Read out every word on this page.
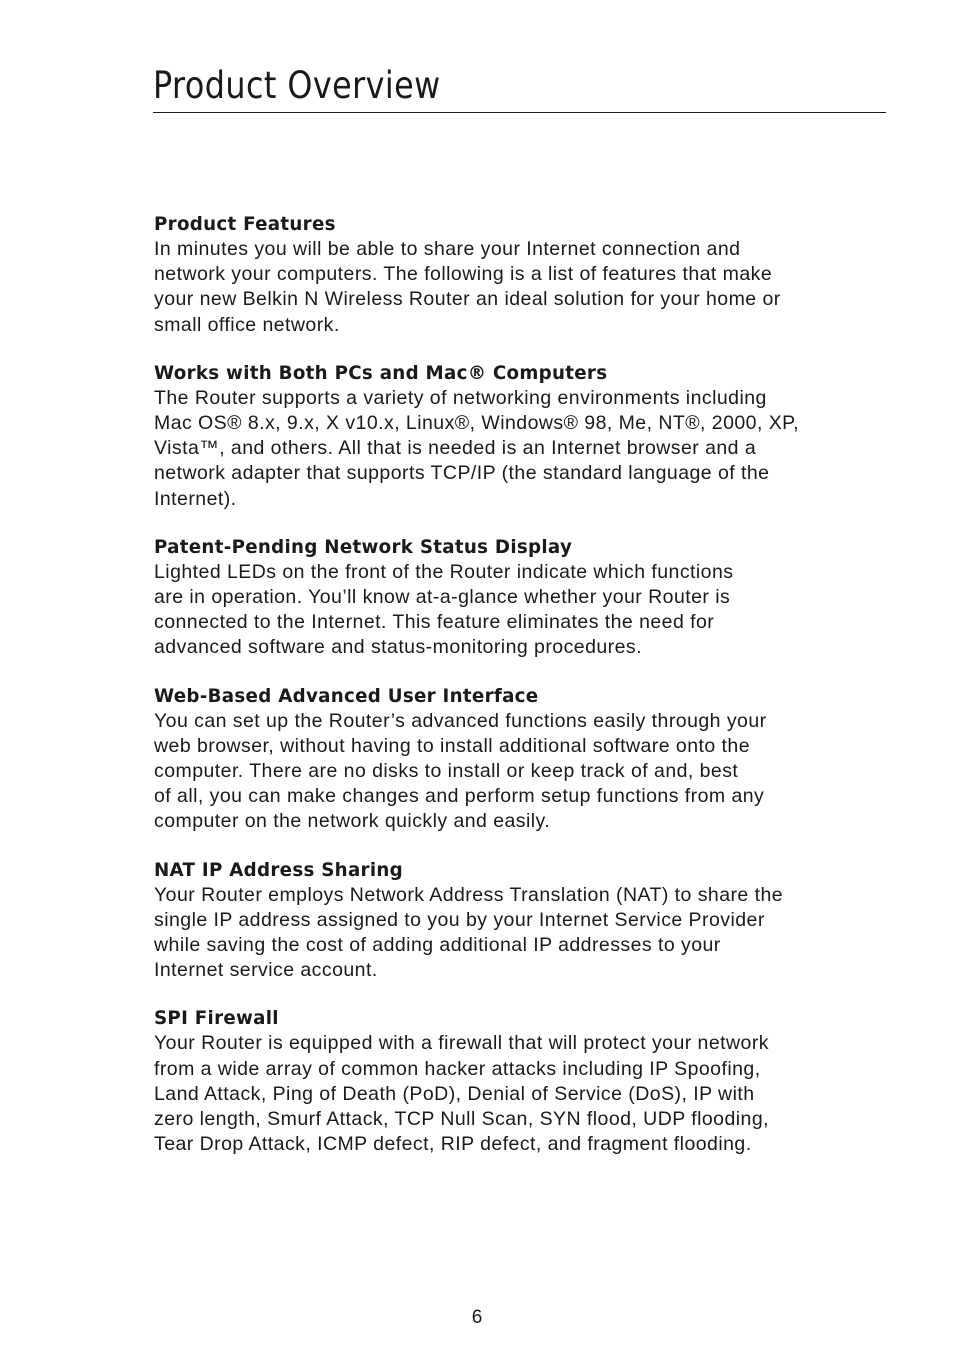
Product Overview
Product Features

In minutes you will be able to share your Internet connection and
network your computers. The following is a list of features that make
your new Belkin N Wireless Router an ideal solution for your home or
small office network.

Works with Both PCs and Mac® Computers

The Router supports a variety of networking environments including
Mac OS® 8.x, 9.x, X v10.x, Linux®, Windows® 98, Me, NT®, 2000, XP,
Vista™, and others. All that is needed is an Internet browser and a
network adapter that supports TCP/IP (the standard language of the
Internet).

Patent-Pending Network Status Display

Lighted LEDs on the front of the Router indicate which functions
are in operation. You’ll know at-a-glance whether your Router is
connected to the Internet. This feature eliminates the need for
advanced software and status-monitoring procedures.

Web-Based Advanced User Interface

You can set up the Router’s advanced functions easily through your
web browser, without having to install additional software onto the
computer. There are no disks to install or keep track of and, best
of all, you can make changes and perform setup functions from any
computer on the network quickly and easily.

NAT IP Address Sharing

Your Router employs Network Address Translation (NAT) to share the
single IP address assigned to you by your Internet Service Provider
while saving the cost of adding additional IP addresses to your
Internet service account.

SPI Firewall

Your Router is equipped with a firewall that will protect your network
from a wide array of common hacker attacks including IP Spoofing,
Land Attack, Ping of Death (PoD), Denial of Service (DoS), IP with
zero length, Smurf Attack, TCP Null Scan, SYN flood, UDP flooding,
Tear Drop Attack, ICMP defect, RIP defect, and fragment flooding.

6
